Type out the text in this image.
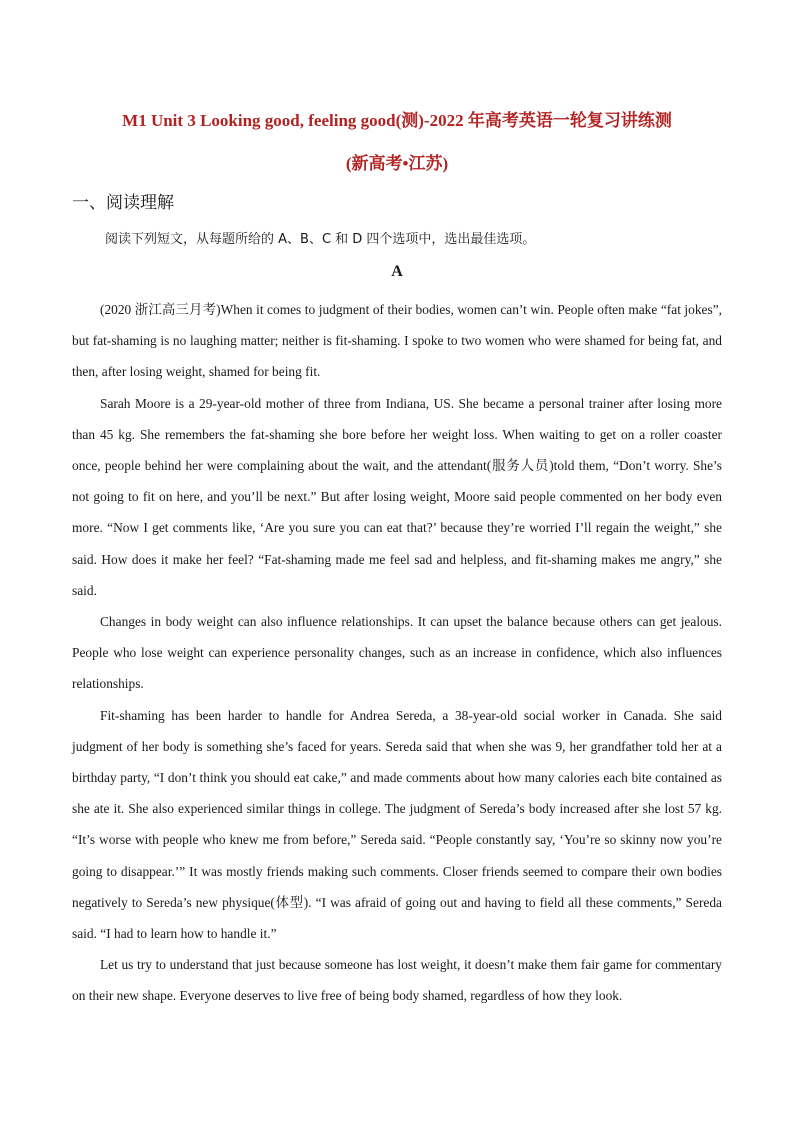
M1 Unit 3 Looking good, feeling good(测)-2022 年高考英语一轮复习讲练测
(新高考•江苏)
一、阅读理解

阅读下列短文，从每题所给的 A、B、C 和 D 四个选项中，选出最佳选项。

A

(2020 浙江高三月考)When it comes to judgment of their bodies, women can’t win. People often make “fat jokes”, but fat-shaming is no laughing matter; neither is fit-shaming. I spoke to two women who were shamed for being fat, and then, after losing weight, shamed for being fit.

Sarah Moore is a 29-year-old mother of three from Indiana, US. She became a personal trainer after losing more than 45 kg. She remembers the fat-shaming she bore before her weight loss. When waiting to get on a roller coaster once, people behind her were complaining about the wait, and the attendant(服务人员)told them, “Don’t worry. She’s not going to fit on here, and you’ll be next.” But after losing weight, Moore said people commented on her body even more. “Now I get comments like, ‘Are you sure you can eat that?’ because they’re worried I’ll regain the weight,” she said. How does it make her feel? “Fat-shaming made me feel sad and helpless, and fit-shaming makes me angry,” she said.

Changes in body weight can also influence relationships. It can upset the balance because others can get jealous. People who lose weight can experience personality changes, such as an increase in confidence, which also influences relationships.

Fit-shaming has been harder to handle for Andrea Sereda, a 38-year-old social worker in Canada. She said judgment of her body is something she’s faced for years. Sereda said that when she was 9, her grandfather told her at a birthday party, “I don’t think you should eat cake,” and made comments about how many calories each bite contained as she ate it. She also experienced similar things in college. The judgment of Sereda’s body increased after she lost 57 kg. “It’s worse with people who knew me from before,” Sereda said. “People constantly say, ‘You’re so skinny now you’re going to disappear.’” It was mostly friends making such comments. Closer friends seemed to compare their own bodies negatively to Sereda’s new physique(体型). “I was afraid of going out and having to field all these comments,” Sereda said. “I had to learn how to handle it.”

Let us try to understand that just because someone has lost weight, it doesn’t make them fair game for commentary on their new shape. Everyone deserves to live free of being body shamed, regardless of how they look.
